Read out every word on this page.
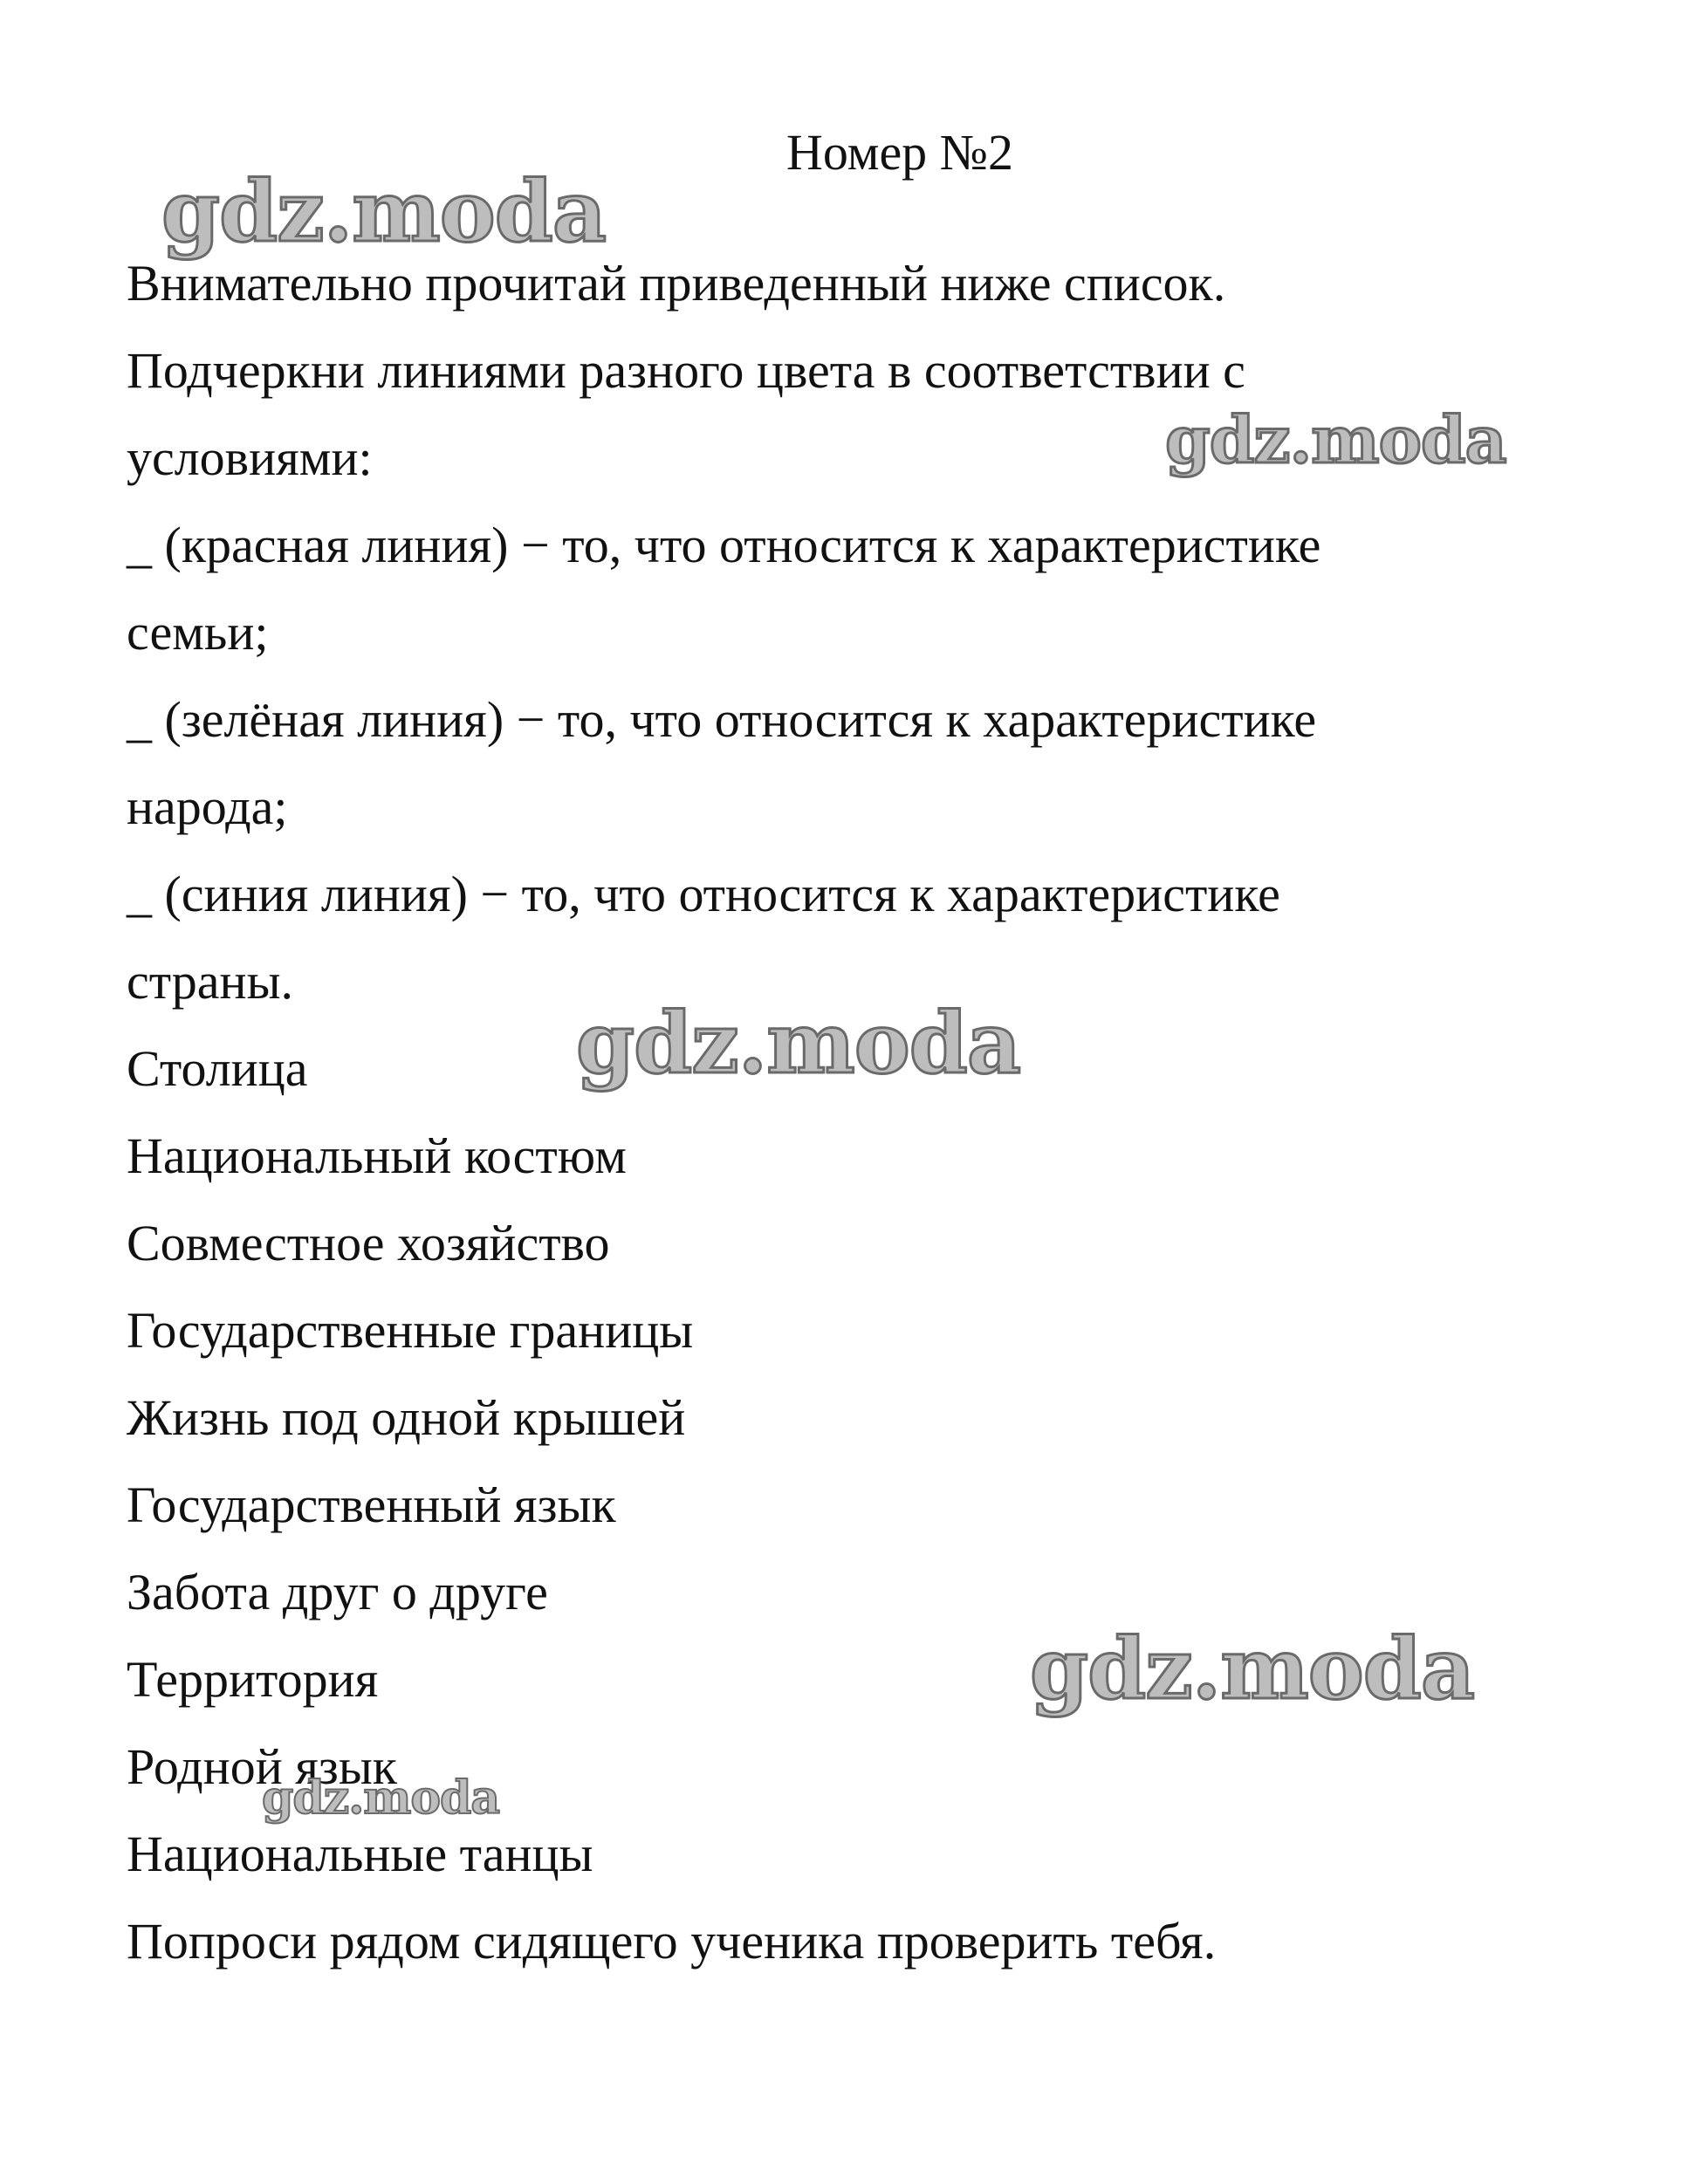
Номер №2
Внимательно прочитай приведенный ниже список.
Подчеркни линиями разного цвета в соответствии с
условиями:
_ (красная линия) − то, что относится к характеристике
семьи;
_ (зелёная линия) − то, что относится к характеристике
народа;
_ (синия линия) − то, что относится к характеристике
страны.
Столица
Национальный костюм
Совместное хозяйство
Государственные границы
Жизнь под одной крышей
Государственный язык
Забота друг о друге
Территория
Родной язык
Национальные танцы
Попроси рядом сидящего ученика проверить тебя.
gdz.moda
gdz.moda
gdz.moda
gdz.moda
gdz.moda
